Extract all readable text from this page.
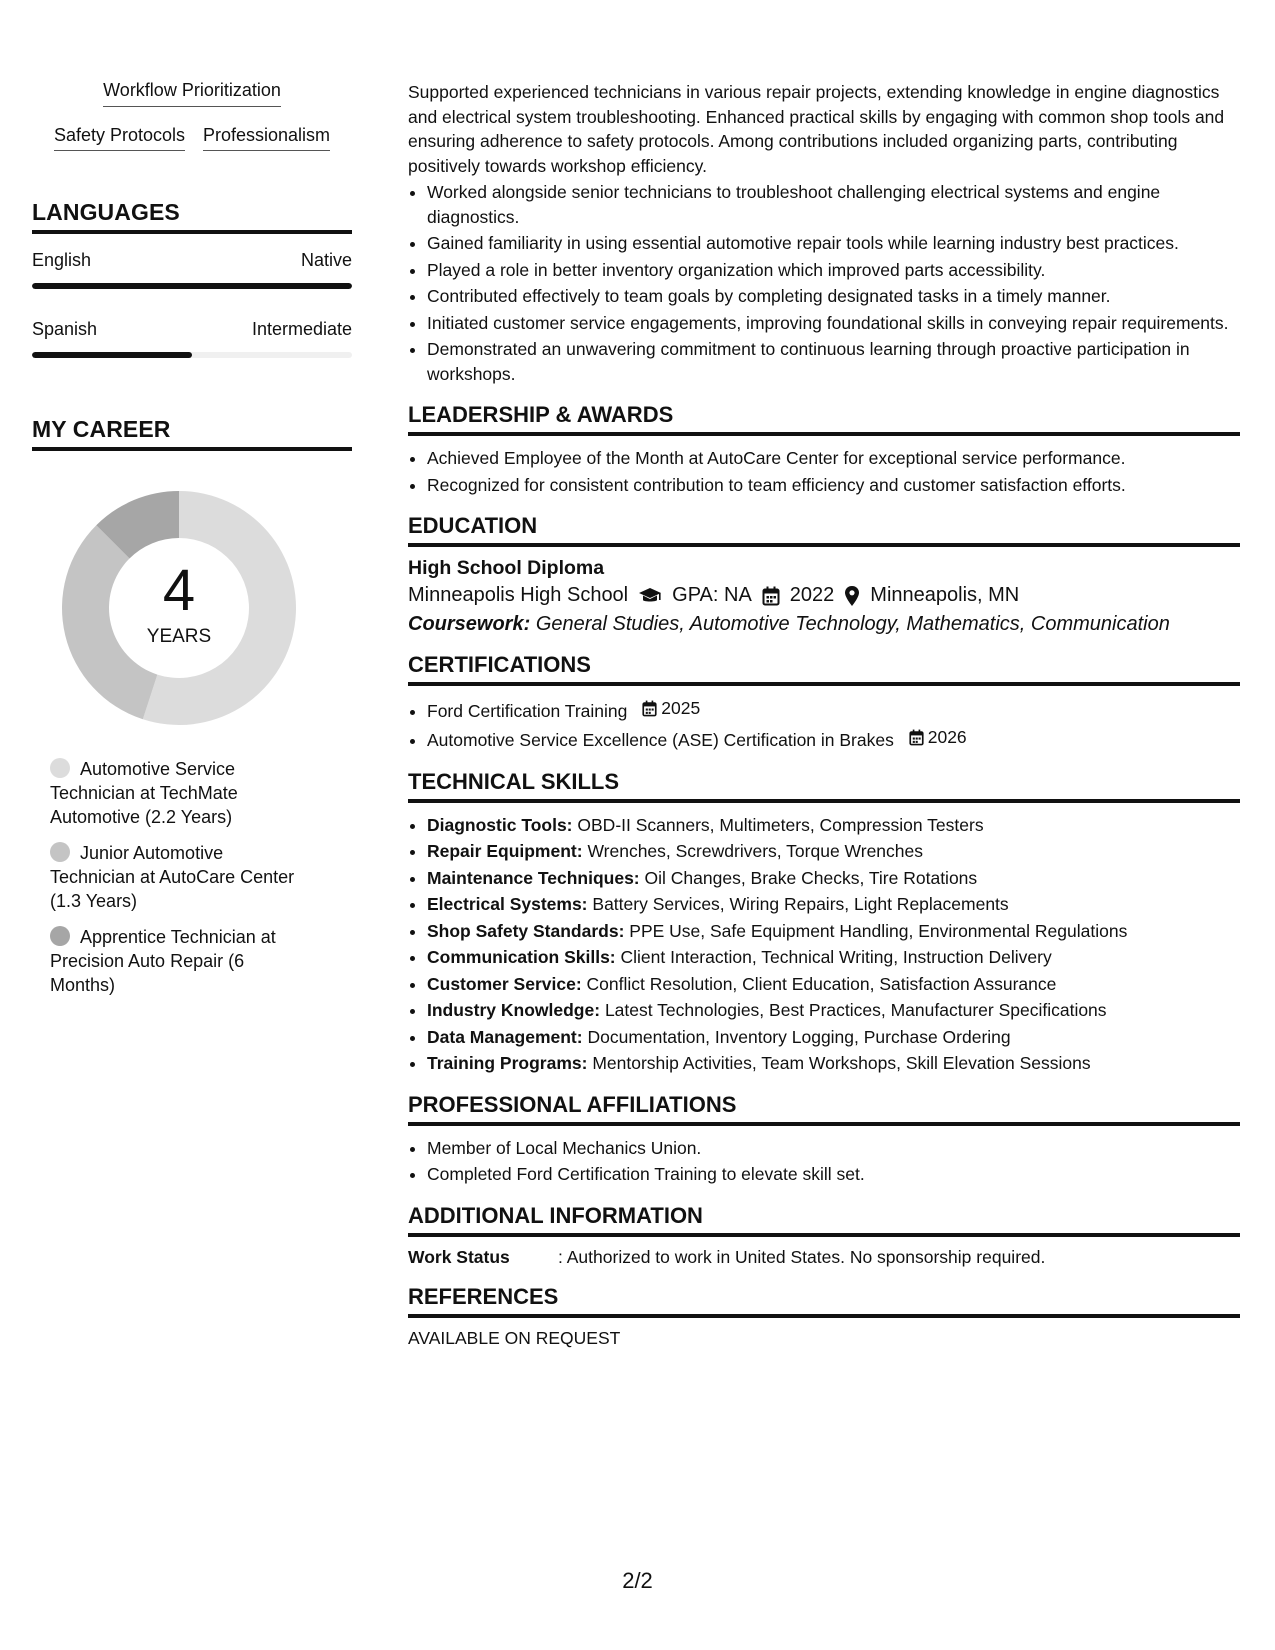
Workflow Prioritization
Safety Protocols Professionalism
LANGUAGES
English	Native
Spanish	Intermediate
MY CAREER
4
YEARS
Automotive Service Technician at TechMate Automotive (2.2 Years)
Junior Automotive Technician at AutoCare Center (1.3 Years)
Apprentice Technician at Precision Auto Repair (6 Months)

Supported experienced technicians in various repair projects, extending knowledge in engine diagnostics and electrical system troubleshooting. Enhanced practical skills by engaging with common shop tools and ensuring adherence to safety protocols. Among contributions included organizing parts, contributing positively towards workshop efficiency.

• Worked alongside senior technicians to troubleshoot challenging electrical systems and engine diagnostics.
• Gained familiarity in using essential automotive repair tools while learning industry best practices.
• Played a role in better inventory organization which improved parts accessibility.
• Contributed effectively to team goals by completing designated tasks in a timely manner.
• Initiated customer service engagements, improving foundational skills in conveying repair requirements.
• Demonstrated an unwavering commitment to continuous learning through proactive participation in workshops.
LEADERSHIP & AWARDS
• Achieved Employee of the Month at AutoCare Center for exceptional service performance.
• Recognized for consistent contribution to team efficiency and customer satisfaction efforts.
EDUCATION
High School Diploma
Minneapolis High School GPA: NA 2022 Minneapolis, MN
Coursework: General Studies, Automotive Technology, Mathematics, Communication
CERTIFICATIONS
• Ford Certification Training 2025
• Automotive Service Excellence (ASE) Certification in Brakes 2026
TECHNICAL SKILLS
• Diagnostic Tools: OBD-II Scanners, Multimeters, Compression Testers
• Repair Equipment: Wrenches, Screwdrivers, Torque Wrenches
• Maintenance Techniques: Oil Changes, Brake Checks, Tire Rotations
• Electrical Systems: Battery Services, Wiring Repairs, Light Replacements
• Shop Safety Standards: PPE Use, Safe Equipment Handling, Environmental Regulations
• Communication Skills: Client Interaction, Technical Writing, Instruction Delivery
• Customer Service: Conflict Resolution, Client Education, Satisfaction Assurance
• Industry Knowledge: Latest Technologies, Best Practices, Manufacturer Specifications
• Data Management: Documentation, Inventory Logging, Purchase Ordering
• Training Programs: Mentorship Activities, Team Workshops, Skill Elevation Sessions
PROFESSIONAL AFFILIATIONS
• Member of Local Mechanics Union.
• Completed Ford Certification Training to elevate skill set.
ADDITIONAL INFORMATION
Work Status	: Authorized to work in United States. No sponsorship required.
REFERENCES
AVAILABLE ON REQUEST
2/2
